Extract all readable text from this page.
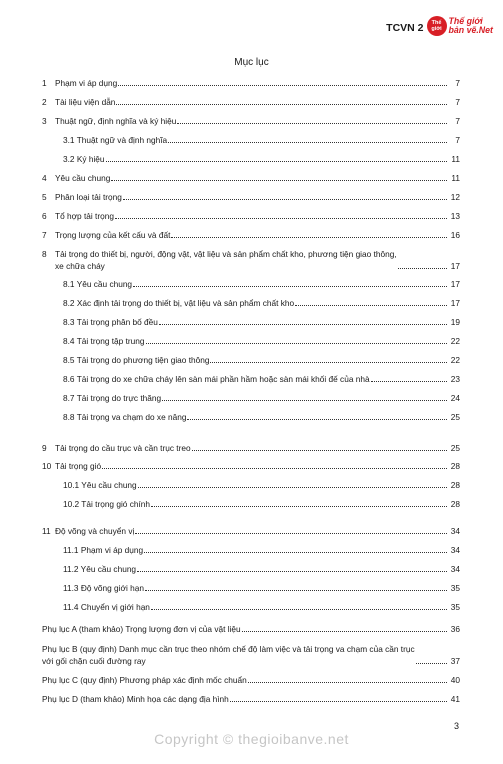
TCVN 2	Thế giới
Thế giới
bản vẽ.Net
Mục lục
1 Phạm vi áp dụng	7
2 Tài liệu viện dẫn	7
3 Thuật ngữ, định nghĩa và ký hiệu	7
3.1 Thuật ngữ và định nghĩa	7
3.2 Ký hiệu	11
4 Yêu cầu chung	11
5 Phân loại tải trọng	12
6 Tổ hợp tải trọng	13
7 Trọng lượng của kết cấu và đất	16
8 Tải trọng do thiết bị, người, động vật, vật liệu và sản phẩm chất kho, phương tiện giao thông,
xe chữa cháy	17
8.1 Yêu cầu chung	17
8.2 Xác định tải trọng do thiết bị, vật liệu và sản phẩm chất kho	17
8.3 Tải trọng phân bố đều	19
8.4 Tải trọng tập trung	22
8.5 Tải trọng do phương tiện giao thông	22
8.6 Tải trọng do xe chữa cháy lên sàn mái phần hầm hoặc sàn mái khối đế của nhà	23
8.7 Tải trọng do trực thăng	24
8.8 Tải trọng va chạm do xe nâng	25
9 Tải trọng do cầu trục và cần trục treo	25
10 Tải trọng gió	28
10.1 Yêu cầu chung	28
10.2 Tải trọng gió chính	28
11 Độ võng và chuyển vị	34
11.1 Phạm vi áp dụng	34
11.2 Yêu cầu chung	34
11.3 Độ võng giới hạn	35
11.4 Chuyển vị giới hạn	35
Phụ lục A (tham khảo) Trọng lượng đơn vị của vật liệu	36
Phụ lục B (quy định) Danh mục cần trục theo nhóm chế độ làm việc và tải trọng va chạm của cần trục
với gối chặn cuối đường ray	37
Phụ lục C (quy định) Phương pháp xác định mốc chuẩn	40
Phụ lục D (tham khảo) Minh họa các dạng địa hình	41
3
Copyright © thegioibanve.net
